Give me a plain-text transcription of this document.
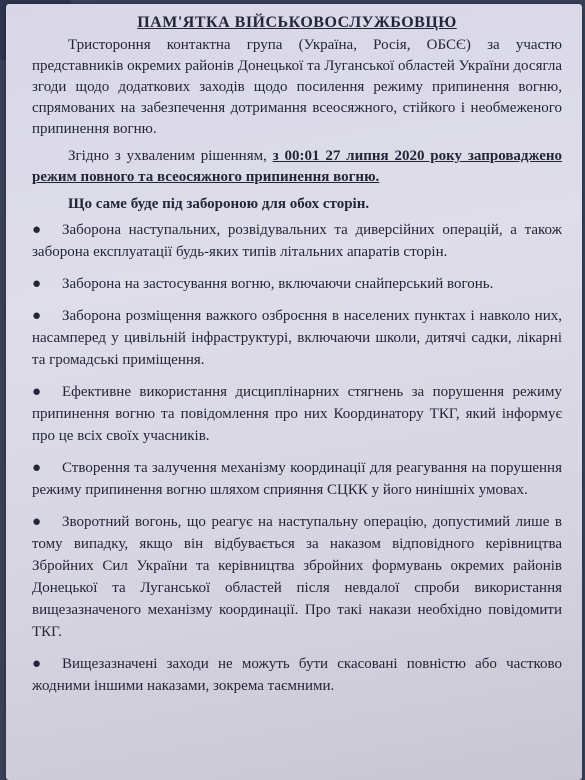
ПАМ'ЯТКА ВІЙСЬКОВОСЛУЖБОВЦЮ

Тристороння контактна група (Україна, Росія, ОБСЄ) за участю представників окремих районів Донецької та Луганської областей України досягла згоди щодо додаткових заходів щодо посилення режиму припинення вогню, спрямованих на забезпечення дотримання всеосяжного, стійкого і необмеженого припинення вогню.

Згідно з ухваленим рішенням, з 00:01 27 липня 2020 року запроваджено режим повного та всеосяжного припинення вогню.

Що саме буде під забороною для обох сторін.
● Заборона наступальних, розвідувальних та диверсійних операцій, а також заборона експлуатації будь-яких типів літальних апаратів сторін.
● Заборона на застосування вогню, включаючи снайперський вогонь.
● Заборона розміщення важкого озброєння в населених пунктах і навколо них, насамперед у цивільній інфраструктурі, включаючи школи, дитячі садки, лікарні та громадські приміщення.
● Ефективне використання дисциплінарних стягнень за порушення режиму припинення вогню та повідомлення про них Координатору ТКГ, який інформує про це всіх своїх учасників.
● Створення та залучення механізму координації для реагування на порушення режиму припинення вогню шляхом сприяння СЦКК у його нинішніх умовах.
● Зворотний вогонь, що реагує на наступальну операцію, допустимий лише в тому випадку, якщо він відбувається за наказом відповідного керівництва Збройних Сил України та керівництва збройних формувань окремих районів Донецької та Луганської областей після невдалої спроби використання вищезазначеного механізму координації. Про такі накази необхідно повідомити ТКГ.
● Вищезазначені заходи не можуть бути скасовані повністю або частково жодними іншими наказами, зокрема таємними.
